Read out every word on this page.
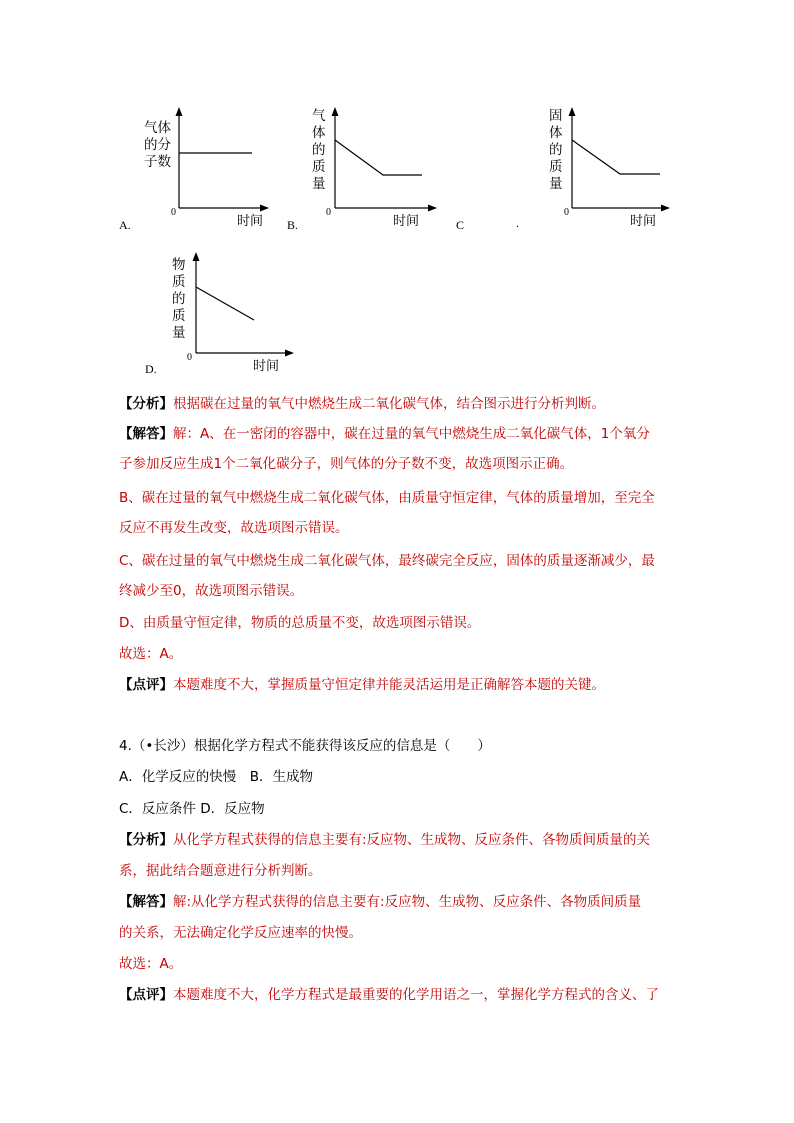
气体
的分
子数
0
时间
A.
气
体
的
质
量
0
时间
B.
固
体
的
质
量
0
时间
C	.
物
质
的
质
量
0
时间
D.
【分析】根据碳在过量的氧气中燃烧生成二氧化碳气体，结合图示进行分析判断。
【解答】解：A、在一密闭的容器中，碳在过量的氧气中燃烧生成二氧化碳气体，1个氧分
子参加反应生成1个二氧化碳分子，则气体的分子数不变，故选项图示正确。
B、碳在过量的氧气中燃烧生成二氧化碳气体，由质量守恒定律，气体的质量增加，至完全
反应不再发生改变，故选项图示错误。
C、碳在过量的氧气中燃烧生成二氧化碳气体，最终碳完全反应，固体的质量逐渐减少，最
终减少至0，故选项图示错误。
D、由质量守恒定律，物质的总质量不变，故选项图示错误。
故选：A。
【点评】本题难度不大，掌握质量守恒定律并能灵活运用是正确解答本题的关键。
4.（•长沙）根据化学方程式不能获得该反应的信息是（　　）
A．化学反应的快慢　B．生成物
C．反应条件 D．反应物
【分析】从化学方程式获得的信息主要有:反应物、生成物、反应条件、各物质间质量的关
系，据此结合题意进行分析判断。
【解答】解:从化学方程式获得的信息主要有:反应物、生成物、反应条件、各物质间质量
的关系，无法确定化学反应速率的快慢。
故选：A。
【点评】本题难度不大，化学方程式是最重要的化学用语之一，掌握化学方程式的含义、了
